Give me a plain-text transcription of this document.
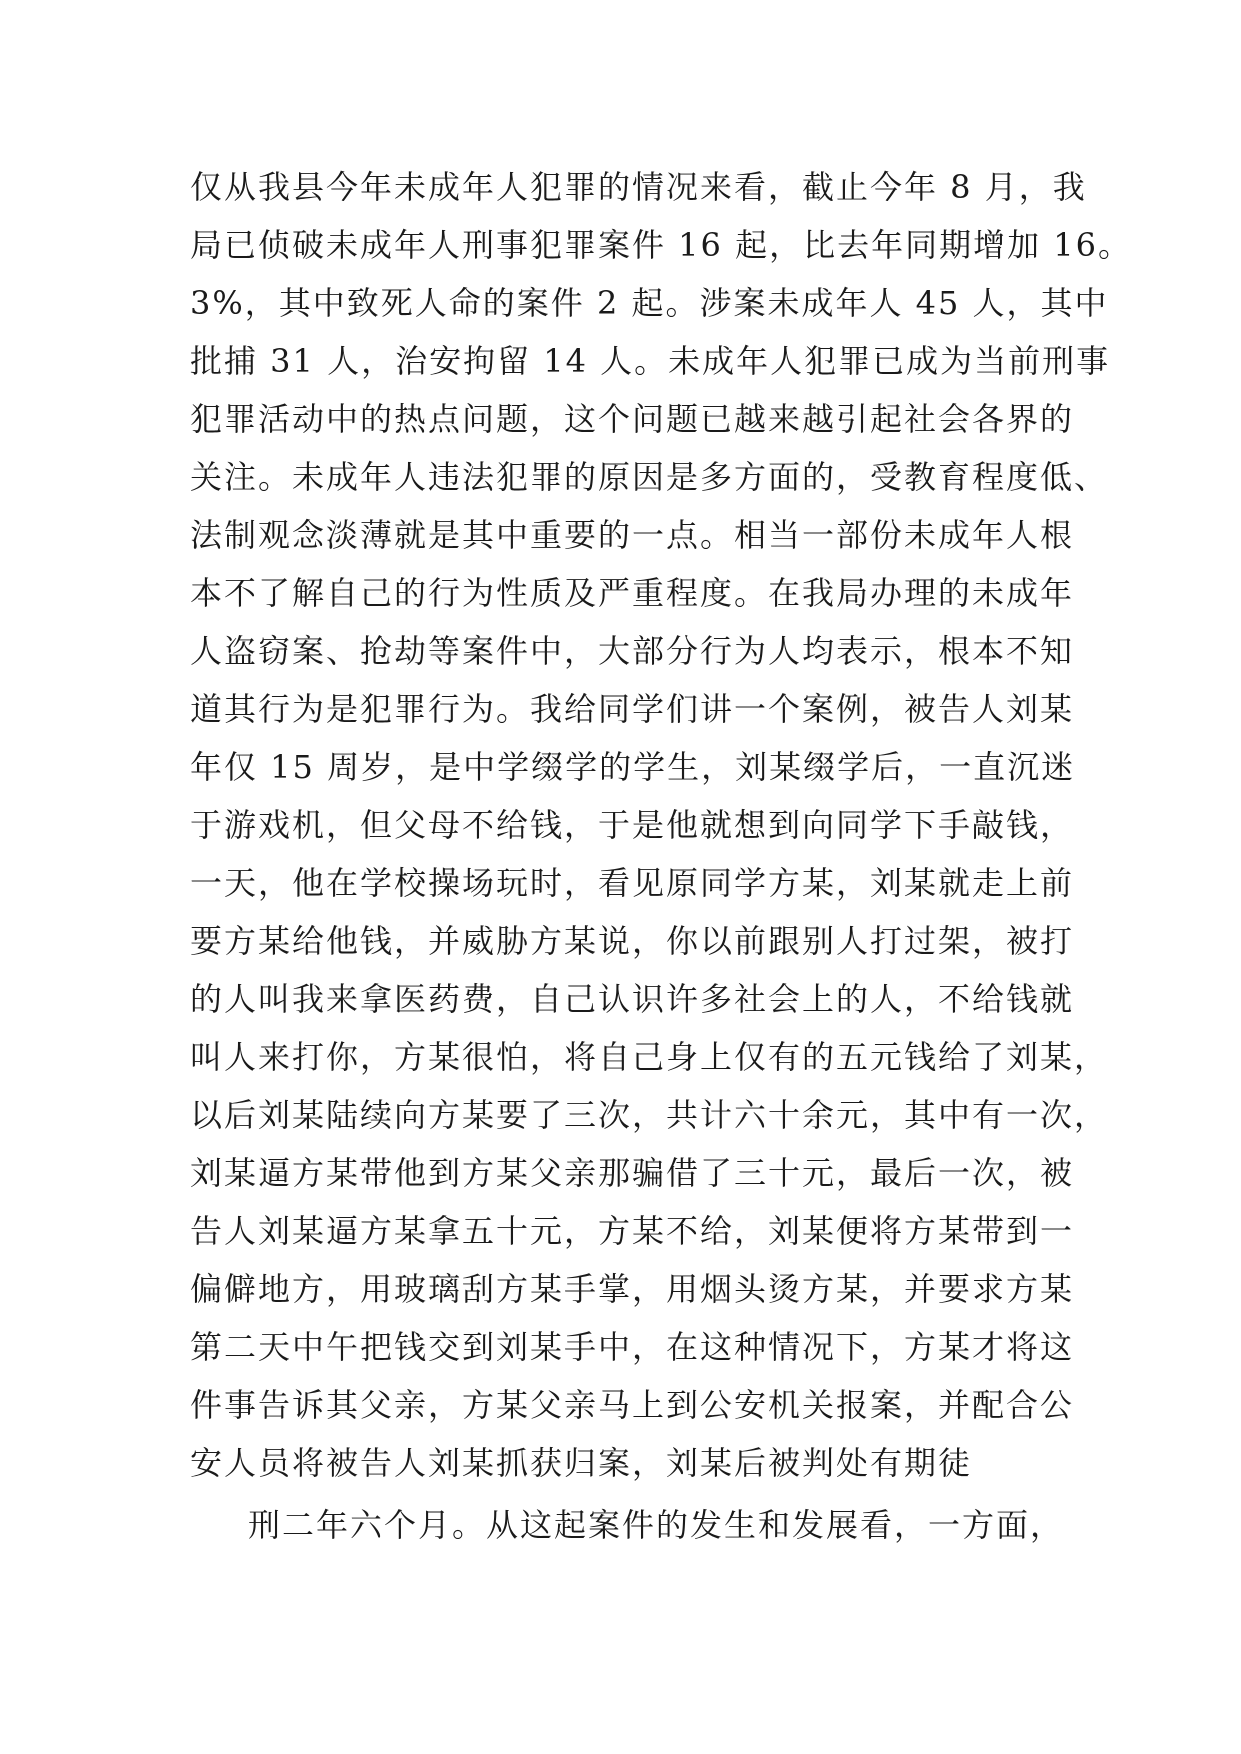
仅从我县今年未成年人犯罪的情况来看，截止今年 8 月，我
局已侦破未成年人刑事犯罪案件 16 起，比去年同期增加 16。
3%，其中致死人命的案件 2 起。涉案未成年人 45 人，其中
批捕 31 人，治安拘留 14 人。未成年人犯罪已成为当前刑事
犯罪活动中的热点问题，这个问题已越来越引起社会各界的
关注。未成年人违法犯罪的原因是多方面的，受教育程度低、
法制观念淡薄就是其中重要的一点。相当一部份未成年人根
本不了解自己的行为性质及严重程度。在我局办理的未成年
人盗窃案、抢劫等案件中，大部分行为人均表示，根本不知
道其行为是犯罪行为。我给同学们讲一个案例，被告人刘某
年仅 15 周岁，是中学缀学的学生，刘某缀学后，一直沉迷
于游戏机，但父母不给钱，于是他就想到向同学下手敲钱，
一天，他在学校操场玩时，看见原同学方某，刘某就走上前
要方某给他钱，并威胁方某说，你以前跟别人打过架，被打
的人叫我来拿医药费，自己认识许多社会上的人，不给钱就
叫人来打你，方某很怕，将自己身上仅有的五元钱给了刘某，
以后刘某陆续向方某要了三次，共计六十余元，其中有一次，
刘某逼方某带他到方某父亲那骗借了三十元，最后一次，被
告人刘某逼方某拿五十元，方某不给，刘某便将方某带到一
偏僻地方，用玻璃刮方某手掌，用烟头烫方某，并要求方某
第二天中午把钱交到刘某手中，在这种情况下，方某才将这
件事告诉其父亲，方某父亲马上到公安机关报案，并配合公
安人员将被告人刘某抓获归案，刘某后被判处有期徒
刑二年六个月。从这起案件的发生和发展看，一方面，
